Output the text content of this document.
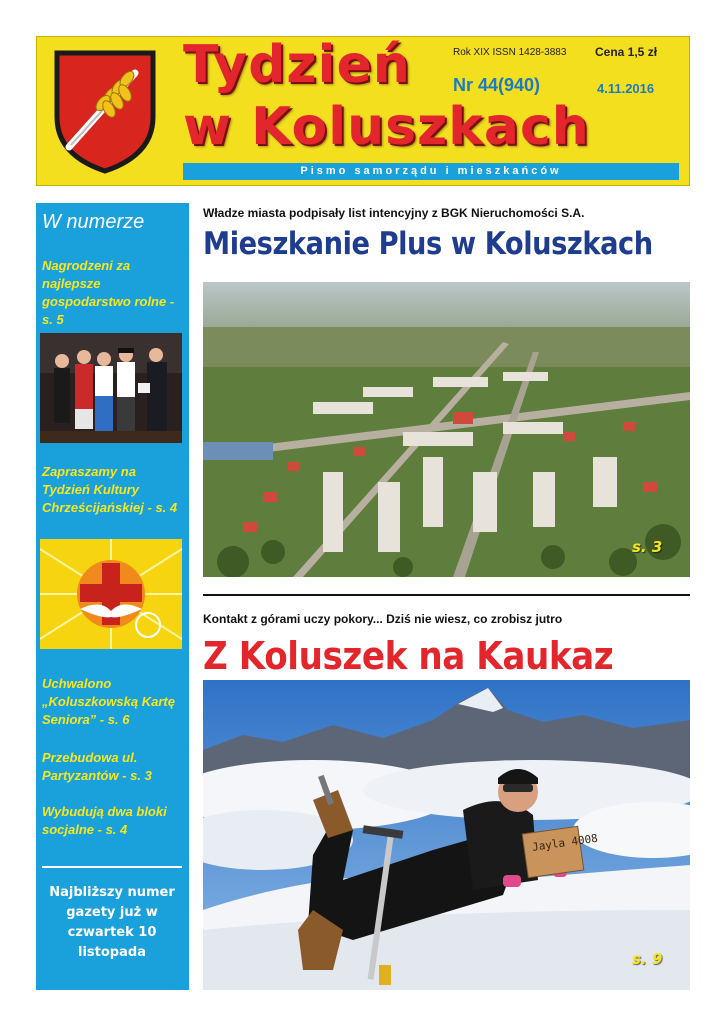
Tydzień
w Koluszkach
Rok XIX ISSN 1428-3883 Cena 1,5 zł
Nr 44(940)	4.11.2016
Pismo samorządu i mieszkańców
W numerze
Nagrodzeni za najlepsze gospodarstwo rolne - s. 5
Zapraszamy na Tydzień Kultury Chrześcijańskiej - s. 4
Uchwalono „Koluszkowską Kartę Seniora” - s. 6
Przebudowa ul. Partyzantów - s. 3
Wybudują dwa bloki socjalne - s. 4
Najbliższy numer gazety już w czwartek 10 listopada
Władze miasta podpisały list intencyjny z BGK Nieruchomości S.A.
Mieszkanie Plus w Koluszkach
s. 3
Kontakt z górami uczy pokory... Dziś nie wiesz, co zrobisz jutro
Z Koluszek na Kaukaz
Jayla 4008
s. 9
